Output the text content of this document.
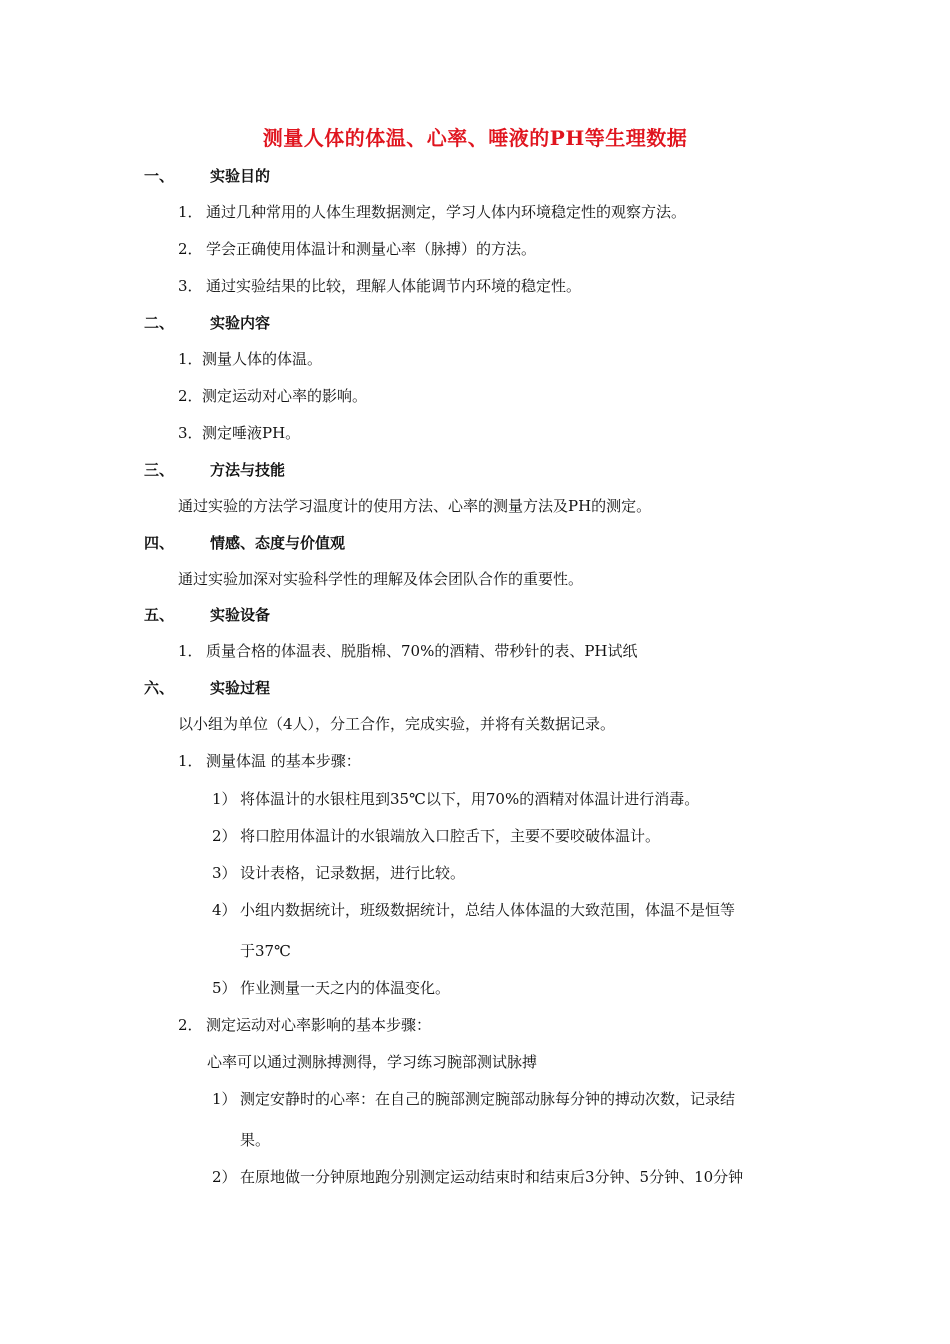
测量人体的体温、心率、唾液的PH等生理数据
一、 实验目的
1． 通过几种常用的人体生理数据测定，学习人体内环境稳定性的观察方法。
2． 学会正确使用体温计和测量心率（脉搏）的方法。
3． 通过实验结果的比较，理解人体能调节内环境的稳定性。
二、 实验内容
1．测量人体的体温。
2．测定运动对心率的影响。
3．测定唾液PH。
三、 方法与技能
通过实验的方法学习温度计的使用方法、心率的测量方法及PH的测定。
四、 情感、态度与价值观
通过实验加深对实验科学性的理解及体会团队合作的重要性。
五、 实验设备
1． 质量合格的体温表、脱脂棉、70%的酒精、带秒针的表、PH试纸
六、 实验过程
以小组为单位（4人），分工合作，完成实验，并将有关数据记录。
1． 测量体温 的基本步骤：
1） 将体温计的水银柱甩到35℃以下，用70%的酒精对体温计进行消毒。
2） 将口腔用体温计的水银端放入口腔舌下，主要不要咬破体温计。
3） 设计表格，记录数据，进行比较。
4） 小组内数据统计，班级数据统计，总结人体体温的大致范围，体温不是恒等
于37℃
5） 作业测量一天之内的体温变化。
2． 测定运动对心率影响的基本步骤：
心率可以通过测脉搏测得，学习练习腕部测试脉搏
1） 测定安静时的心率：在自己的腕部测定腕部动脉每分钟的搏动次数，记录结
果。
2） 在原地做一分钟原地跑分别测定运动结束时和结束后3分钟、5分钟、10分钟
